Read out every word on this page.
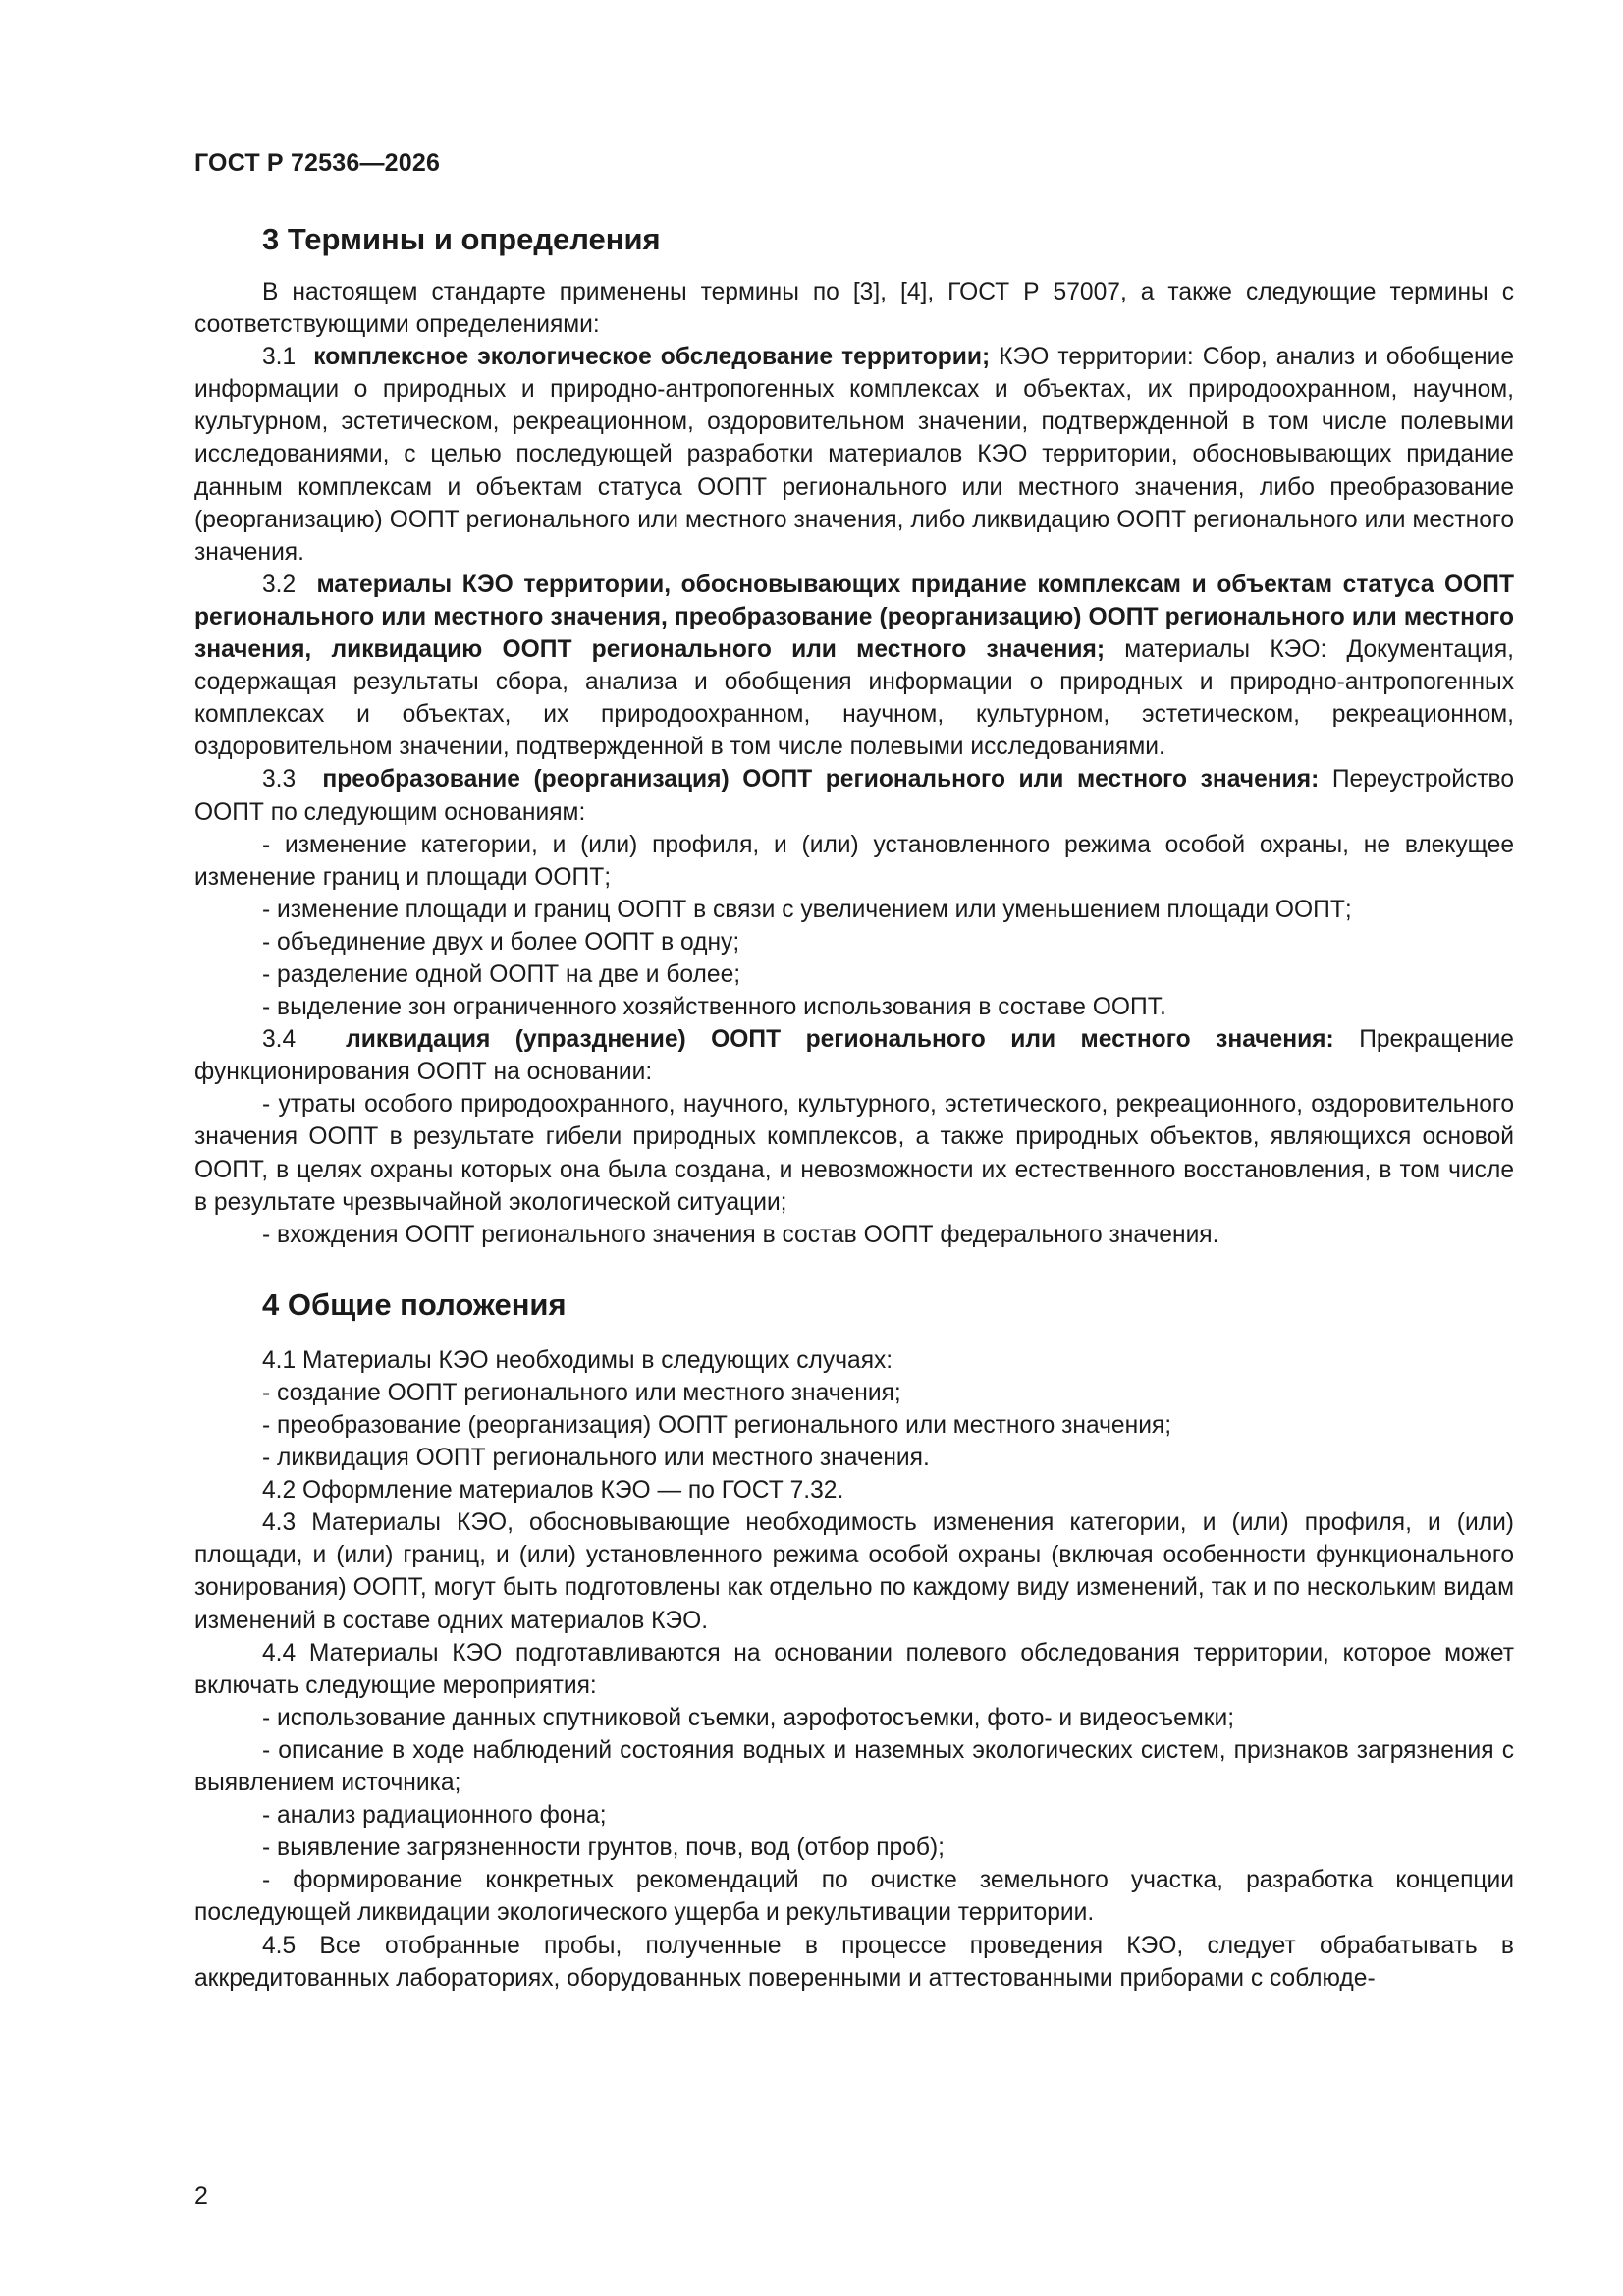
ГОСТ Р 72536—2026
3 Термины и определения

В настоящем стандарте применены термины по [3], [4], ГОСТ Р 57007, а также следующие термины с соответствующими определениями:

3.1 комплексное экологическое обследование территории; КЭО территории: Сбор, анализ и обобщение информации о природных и природно-антропогенных комплексах и объектах, их природоохранном, научном, культурном, эстетическом, рекреационном, оздоровительном значении, подтвержденной в том числе полевыми исследованиями, с целью последующей разработки материалов КЭО территории, обосновывающих придание данным комплексам и объектам статуса ООПТ регионального или местного значения, либо преобразование (реорганизацию) ООПТ регионального или местного значения, либо ликвидацию ООПТ регионального или местного значения.

3.2 материалы КЭО территории, обосновывающих придание комплексам и объектам статуса ООПТ регионального или местного значения, преобразование (реорганизацию) ООПТ регионального или местного значения, ликвидацию ООПТ регионального или местного значения; материалы КЭО: Документация, содержащая результаты сбора, анализа и обобщения информации о природных и природно-антропогенных комплексах и объектах, их природоохранном, научном, культурном, эстетическом, рекреационном, оздоровительном значении, подтвержденной в том числе полевыми исследованиями.

3.3 преобразование (реорганизация) ООПТ регионального или местного значения: Переустройство ООПТ по следующим основаниям:

- изменение категории, и (или) профиля, и (или) установленного режима особой охраны, не влекущее изменение границ и площади ООПТ;

- изменение площади и границ ООПТ в связи с увеличением или уменьшением площади ООПТ;

- объединение двух и более ООПТ в одну;

- разделение одной ООПТ на две и более;

- выделение зон ограниченного хозяйственного использования в составе ООПТ.

3.4 ликвидация (упразднение) ООПТ регионального или местного значения: Прекращение функционирования ООПТ на основании:

- утраты особого природоохранного, научного, культурного, эстетического, рекреационного, оздоровительного значения ООПТ в результате гибели природных комплексов, а также природных объектов, являющихся основой ООПТ, в целях охраны которых она была создана, и невозможности их естественного восстановления, в том числе в результате чрезвычайной экологической ситуации;

- вхождения ООПТ регионального значения в состав ООПТ федерального значения.

4 Общие положения

4.1 Материалы КЭО необходимы в следующих случаях:

- создание ООПТ регионального или местного значения;

- преобразование (реорганизация) ООПТ регионального или местного значения;

- ликвидация ООПТ регионального или местного значения.

4.2 Оформление материалов КЭО — по ГОСТ 7.32.

4.3 Материалы КЭО, обосновывающие необходимость изменения категории, и (или) профиля, и (или) площади, и (или) границ, и (или) установленного режима особой охраны (включая особенности функционального зонирования) ООПТ, могут быть подготовлены как отдельно по каждому виду изменений, так и по нескольким видам изменений в составе одних материалов КЭО.

4.4 Материалы КЭО подготавливаются на основании полевого обследования территории, которое может включать следующие мероприятия:

- использование данных спутниковой съемки, аэрофотосъемки, фото- и видеосъемки;

- описание в ходе наблюдений состояния водных и наземных экологических систем, признаков загрязнения с выявлением источника;

- анализ радиационного фона;

- выявление загрязненности грунтов, почв, вод (отбор проб);

- формирование конкретных рекомендаций по очистке земельного участка, разработка концепции последующей ликвидации экологического ущерба и рекультивации территории.

4.5 Все отобранные пробы, полученные в процессе проведения КЭО, следует обрабатывать в аккредитованных лабораториях, оборудованных поверенными и аттестованными приборами с соблюде-

2
